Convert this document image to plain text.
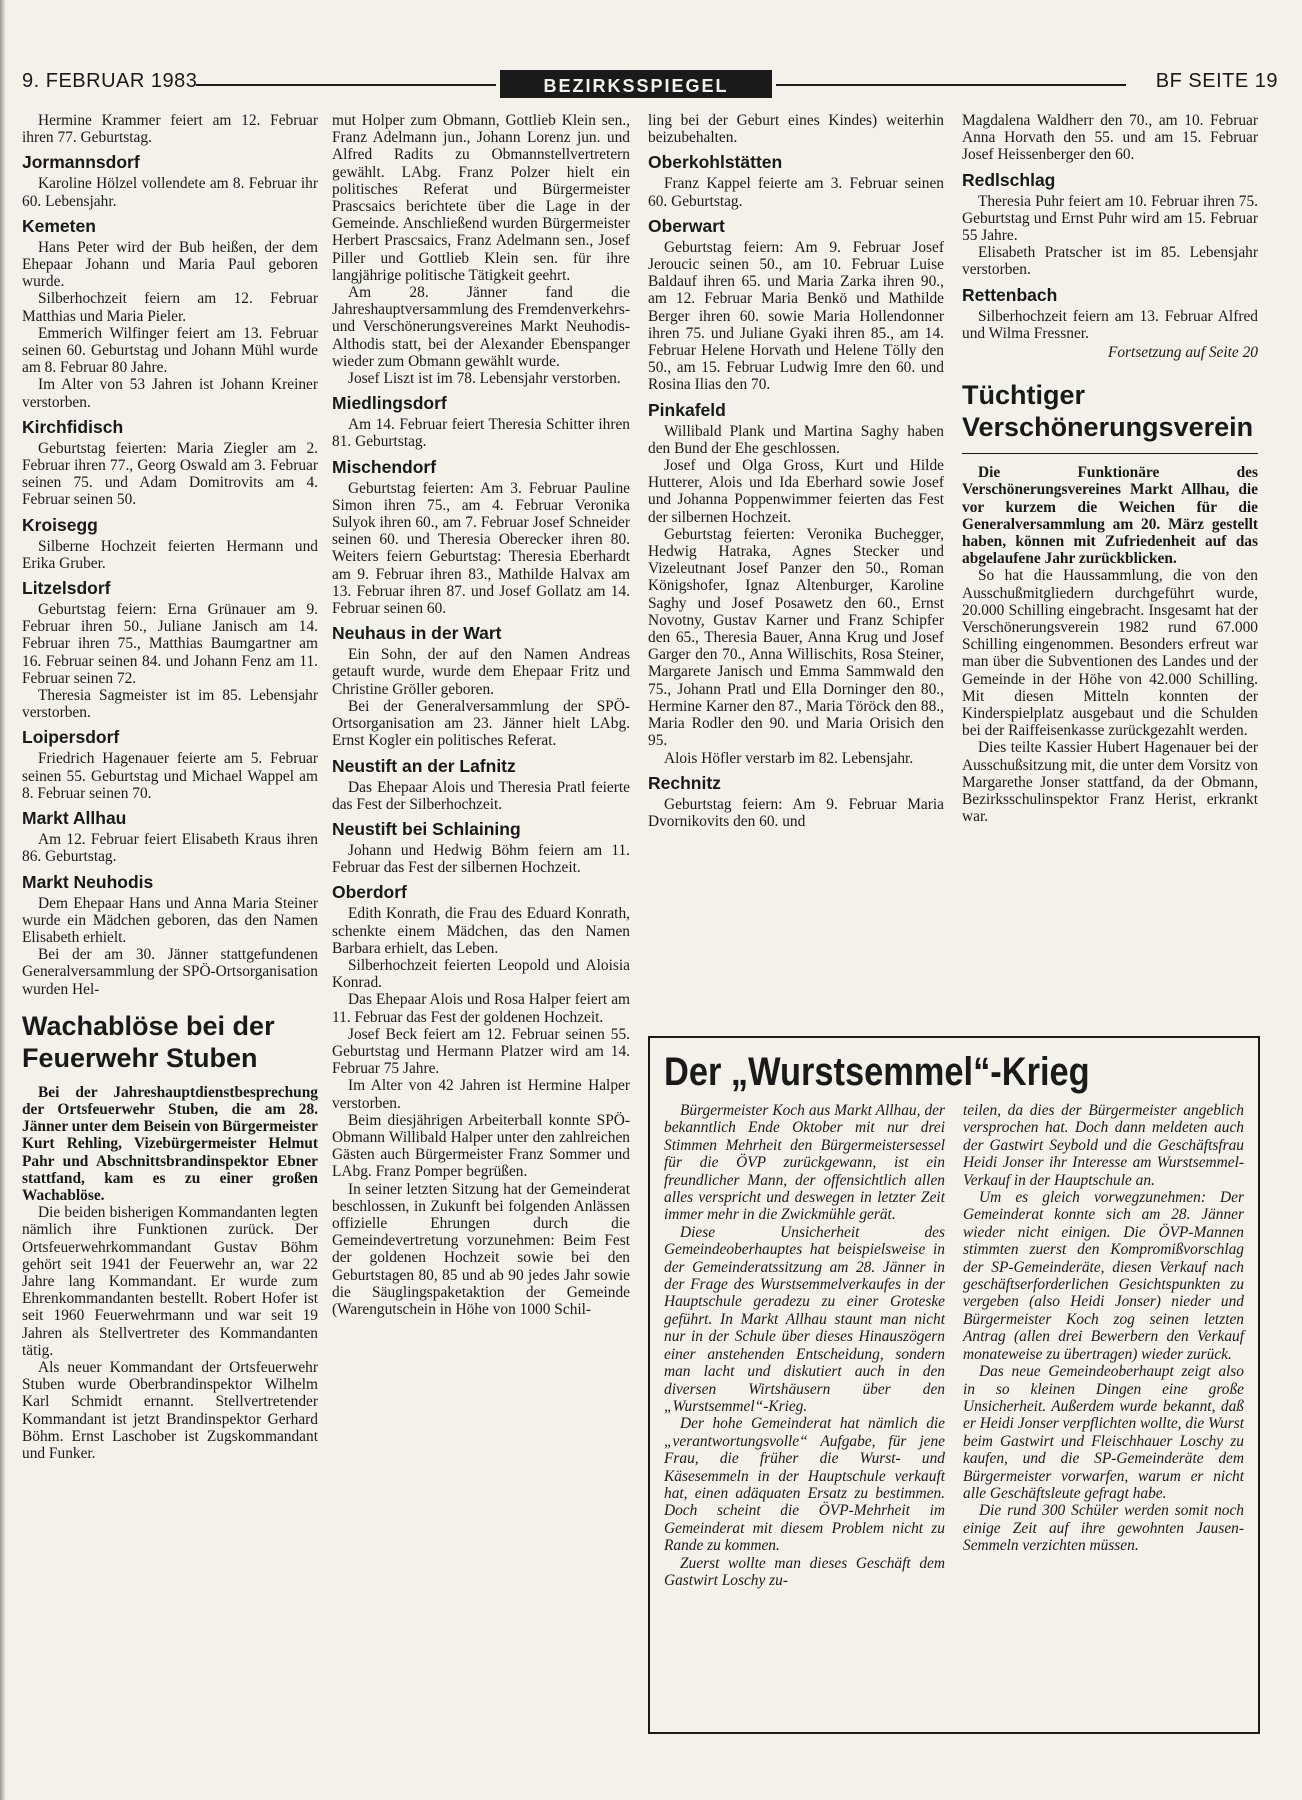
9. FEBRUAR 1983	BEZIRKSSPIEGEL	BF SEITE 19

Hermine Krammer feiert am 12. Februar ihren 77. Geburtstag.

Jormannsdorf

Karoline Hölzel vollendete am 8. Februar ihr 60. Lebensjahr.

Kemeten

Hans Peter wird der Bub heißen, der dem Ehepaar Johann und Maria Paul geboren wurde.

Silberhochzeit feiern am 12. Februar Matthias und Maria Pieler.

Emmerich Wilfinger feiert am 13. Februar seinen 60. Geburtstag und Johann Mühl wurde am 8. Februar 80 Jahre.

Im Alter von 53 Jahren ist Johann Kreiner verstorben.

Kirchfidisch

Geburtstag feierten: Maria Ziegler am 2. Februar ihren 77., Georg Oswald am 3. Februar seinen 75. und Adam Domitrovits am 4. Februar seinen 50.

Kroisegg

Silberne Hochzeit feierten Hermann und Erika Gruber.

Litzelsdorf

Geburtstag feiern: Erna Grünauer am 9. Februar ihren 50., Juliane Janisch am 14. Februar ihren 75., Matthias Baumgartner am 16. Februar seinen 84. und Johann Fenz am 11. Februar seinen 72.

Theresia Sagmeister ist im 85. Lebensjahr verstorben.

Loipersdorf

Friedrich Hagenauer feierte am 5. Februar seinen 55. Geburtstag und Michael Wappel am 8. Februar seinen 70.

Markt Allhau

Am 12. Februar feiert Elisabeth Kraus ihren 86. Geburtstag.

Markt Neuhodis

Dem Ehepaar Hans und Anna Maria Steiner wurde ein Mädchen geboren, das den Namen Elisabeth erhielt.

Bei der am 30. Jänner stattgefundenen Generalversammlung der SPÖ-Ortsorganisation wurden Hel-

Wachablöse bei der Feuerwehr Stuben

Bei der Jahreshauptdienstbesprechung der Ortsfeuerwehr Stuben, die am 28. Jänner unter dem Beisein von Bürgermeister Kurt Rehling, Vizebürgermeister Helmut Pahr und Abschnittsbrandinspektor Ebner stattfand, kam es zu einer großen Wachablöse.

Die beiden bisherigen Kommandanten legten nämlich ihre Funktionen zurück. Der Ortsfeuerwehrkommandant Gustav Böhm gehört seit 1941 der Feuerwehr an, war 22 Jahre lang Kommandant. Er wurde zum Ehrenkommandanten bestellt. Robert Hofer ist seit 1960 Feuerwehrmann und war seit 19 Jahren als Stellvertreter des Kommandanten tätig.

Als neuer Kommandant der Ortsfeuerwehr Stuben wurde Oberbrandinspektor Wilhelm Karl Schmidt ernannt. Stellvertretender Kommandant ist jetzt Brandinspektor Gerhard Böhm. Ernst Laschober ist Zugskommandant und Funker.

mut Holper zum Obmann, Gottlieb Klein sen., Franz Adelmann jun., Johann Lorenz jun. und Alfred Radits zu Obmannstellvertretern gewählt. LAbg. Franz Polzer hielt ein politisches Referat und Bürgermeister Prascsaics berichtete über die Lage in der Gemeinde. Anschließend wurden Bürgermeister Herbert Prascsaics, Franz Adelmann sen., Josef Piller und Gottlieb Klein sen. für ihre langjährige politische Tätigkeit geehrt.

Am 28. Jänner fand die Jahreshauptversammlung des Fremdenverkehrs- und Verschönerungsvereines Markt Neuhodis-Althodis statt, bei der Alexander Ebenspanger wieder zum Obmann gewählt wurde.

Josef Liszt ist im 78. Lebensjahr verstorben.

Miedlingsdorf

Am 14. Februar feiert Theresia Schitter ihren 81. Geburtstag.

Mischendorf

Geburtstag feierten: Am 3. Februar Pauline Simon ihren 75., am 4. Februar Veronika Sulyok ihren 60., am 7. Februar Josef Schneider seinen 60. und Theresia Oberecker ihren 80. Weiters feiern Geburtstag: Theresia Eberhardt am 9. Februar ihren 83., Mathilde Halvax am 13. Februar ihren 87. und Josef Gollatz am 14. Februar seinen 60.

Neuhaus in der Wart

Ein Sohn, der auf den Namen Andreas getauft wurde, wurde dem Ehepaar Fritz und Christine Gröller geboren.

Bei der Generalversammlung der SPÖ-Ortsorganisation am 23. Jänner hielt LAbg. Ernst Kogler ein politisches Referat.

Neustift an der Lafnitz

Das Ehepaar Alois und Theresia Pratl feierte das Fest der Silberhochzeit.

Neustift bei Schlaining

Johann und Hedwig Böhm feiern am 11. Februar das Fest der silbernen Hochzeit.

Oberdorf

Edith Konrath, die Frau des Eduard Konrath, schenkte einem Mädchen, das den Namen Barbara erhielt, das Leben.

Silberhochzeit feierten Leopold und Aloisia Konrad.

Das Ehepaar Alois und Rosa Halper feiert am 11. Februar das Fest der goldenen Hochzeit.

Josef Beck feiert am 12. Februar seinen 55. Geburtstag und Hermann Platzer wird am 14. Februar 75 Jahre.

Im Alter von 42 Jahren ist Hermine Halper verstorben.

Beim diesjährigen Arbeiterball konnte SPÖ-Obmann Willibald Halper unter den zahlreichen Gästen auch Bürgermeister Franz Sommer und LAbg. Franz Pomper begrüßen.

In seiner letzten Sitzung hat der Gemeinderat beschlossen, in Zukunft bei folgenden Anlässen offizielle Ehrungen durch die Gemeindevertretung vorzunehmen: Beim Fest der goldenen Hochzeit sowie bei den Geburtstagen 80, 85 und ab 90 jedes Jahr sowie die Säuglingspaketaktion der Gemeinde (Warengutschein in Höhe von 1000 Schil-

ling bei der Geburt eines Kindes) weiterhin beizubehalten.

Oberkohlstätten

Franz Kappel feierte am 3. Februar seinen 60. Geburtstag.

Oberwart

Geburtstag feiern: Am 9. Februar Josef Jeroucic seinen 50., am 10. Februar Luise Baldauf ihren 65. und Maria Zarka ihren 90., am 12. Februar Maria Benkö und Mathilde Berger ihren 60. sowie Maria Hollendonner ihren 75. und Juliane Gyaki ihren 85., am 14. Februar Helene Horvath und Helene Tölly den 50., am 15. Februar Ludwig Imre den 60. und Rosina Ilias den 70.

Pinkafeld

Willibald Plank und Martina Saghy haben den Bund der Ehe geschlossen.

Josef und Olga Gross, Kurt und Hilde Hutterer, Alois und Ida Eberhard sowie Josef und Johanna Poppenwimmer feierten das Fest der silbernen Hochzeit.

Geburtstag feierten: Veronika Buchegger, Hedwig Hatraka, Agnes Stecker und Vizeleutnant Josef Panzer den 50., Roman Königshofer, Ignaz Altenburger, Karoline Saghy und Josef Posawetz den 60., Ernst Novotny, Gustav Karner und Franz Schipfer den 65., Theresia Bauer, Anna Krug und Josef Garger den 70., Anna Willischits, Rosa Steiner, Margarete Janisch und Emma Sammwald den 75., Johann Pratl und Ella Dorninger den 80., Hermine Karner den 87., Maria Töröck den 88., Maria Rodler den 90. und Maria Orisich den 95.

Alois Höfler verstarb im 82. Lebensjahr.

Rechnitz

Geburtstag feiern: Am 9. Februar Maria Dvornikovits den 60. und

Magdalena Waldherr den 70., am 10. Februar Anna Horvath den 55. und am 15. Februar Josef Heissenberger den 60.

Redlschlag

Theresia Puhr feiert am 10. Februar ihren 75. Geburtstag und Ernst Puhr wird am 15. Februar 55 Jahre.

Elisabeth Pratscher ist im 85. Lebensjahr verstorben.

Rettenbach

Silberhochzeit feiern am 13. Februar Alfred und Wilma Fressner.

Fortsetzung auf Seite 20
Tüchtiger Verschönerungsverein

Die Funktionäre des Verschönerungsvereines Markt Allhau, die vor kurzem die Weichen für die Generalversammlung am 20. März gestellt haben, können mit Zufriedenheit auf das abgelaufene Jahr zurückblicken.

So hat die Haussammlung, die von den Ausschußmitgliedern durchgeführt wurde, 20.000 Schilling eingebracht. Insgesamt hat der Verschönerungsverein 1982 rund 67.000 Schilling eingenommen. Besonders erfreut war man über die Subventionen des Landes und der Gemeinde in der Höhe von 42.000 Schilling. Mit diesen Mitteln konnten der Kinderspielplatz ausgebaut und die Schulden bei der Raiffeisenkasse zurückgezahlt werden.

Dies teilte Kassier Hubert Hagenauer bei der Ausschußsitzung mit, die unter dem Vorsitz von Margarethe Jonser stattfand, da der Obmann, Bezirksschulinspektor Franz Herist, erkrankt war.

Der „Wurstsemmel“-Krieg

Bürgermeister Koch aus Markt Allhau, der bekanntlich Ende Oktober mit nur drei Stimmen Mehrheit den Bürgermeistersessel für die ÖVP zurückgewann, ist ein freundlicher Mann, der offensichtlich allen alles verspricht und deswegen in letzter Zeit immer mehr in die Zwickmühle gerät.

Diese Unsicherheit des Gemeindeoberhauptes hat beispielsweise in der Gemeinderatssitzung am 28. Jänner in der Frage des Wurstsemmelverkaufes in der Hauptschule geradezu zu einer Groteske geführt. In Markt Allhau staunt man nicht nur in der Schule über dieses Hinauszögern einer anstehenden Entscheidung, sondern man lacht und diskutiert auch in den diversen Wirtshäusern über den „Wurstsemmel“-Krieg.

Der hohe Gemeinderat hat nämlich die „verantwortungsvolle“ Aufgabe, für jene Frau, die früher die Wurst- und Käsesemmeln in der Hauptschule verkauft hat, einen adäquaten Ersatz zu bestimmen. Doch scheint die ÖVP-Mehrheit im Gemeinderat mit diesem Problem nicht zu Rande zu kommen.

Zuerst wollte man dieses Geschäft dem Gastwirt Loschy zu-

teilen, da dies der Bürgermeister angeblich versprochen hat. Doch dann meldeten auch der Gastwirt Seybold und die Geschäftsfrau Heidi Jonser ihr Interesse am Wurstsemmel-Verkauf in der Hauptschule an.

Um es gleich vorwegzunehmen: Der Gemeinderat konnte sich am 28. Jänner wieder nicht einigen. Die ÖVP-Mannen stimmten zuerst den Kompromißvorschlag der SP-Gemeinderäte, diesen Verkauf nach geschäftserforderlichen Gesichtspunkten zu vergeben (also Heidi Jonser) nieder und Bürgermeister Koch zog seinen letzten Antrag (allen drei Bewerbern den Verkauf monateweise zu übertragen) wieder zurück.

Das neue Gemeindeoberhaupt zeigt also in so kleinen Dingen eine große Unsicherheit. Außerdem wurde bekannt, daß er Heidi Jonser verpflichten wollte, die Wurst beim Gastwirt und Fleischhauer Loschy zu kaufen, und die SP-Gemeinderäte dem Bürgermeister vorwarfen, warum er nicht alle Geschäftsleute gefragt habe.

Die rund 300 Schüler werden somit noch einige Zeit auf ihre gewohnten Jausen-Semmeln verzichten müssen.
